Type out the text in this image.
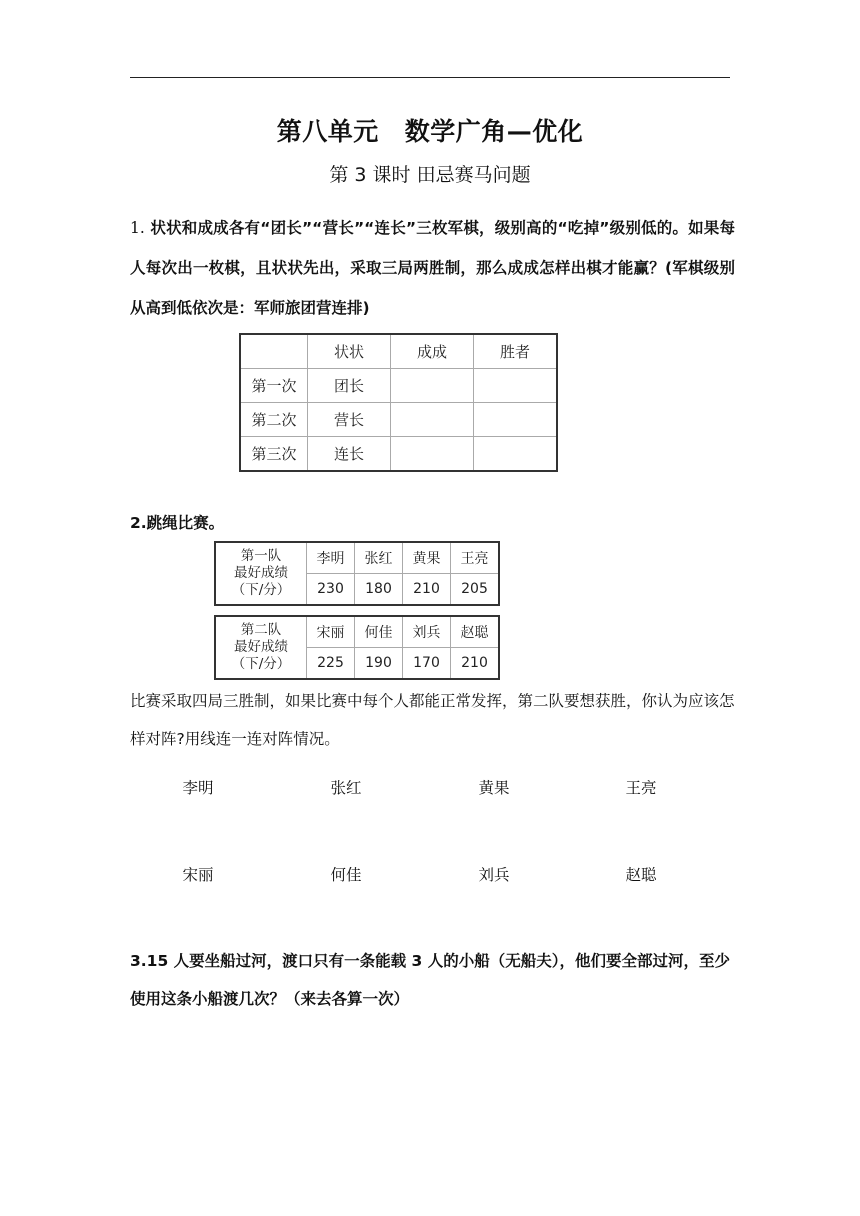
第八单元 数学广角—优化
第 3 课时 田忌赛马问题
1. 状状和成成各有“团长”“营长”“连长”三枚军棋，级别高的“吃掉”级别低的。如果每人每次出一枚棋，且状状先出，采取三局两胜制，那么成成怎样出棋才能赢？(军棋级别从高到低依次是：军师旅团营连排)
	状状	成成	胜者
第一次	团长		
第二次	营长		
第三次	连长		
2.跳绳比赛。
第一队
最好成绩
（下/分）	李明	张红	黄果	王亮
	230	180	210	205
第二队
最好成绩
（下/分）	宋丽	何佳	刘兵	赵聪
	225	190	170	210
比赛采取四局三胜制，如果比赛中每个人都能正常发挥，第二队要想获胜，你认为应该怎样对阵?用线连一连对阵情况。
李明	张红	黄果	王亮
宋丽	何佳	刘兵	赵聪
3.15 人要坐船过河，渡口只有一条能载 3 人的小船（无船夫），他们要全部过河，至少使用这条小船渡几次？（来去各算一次）
